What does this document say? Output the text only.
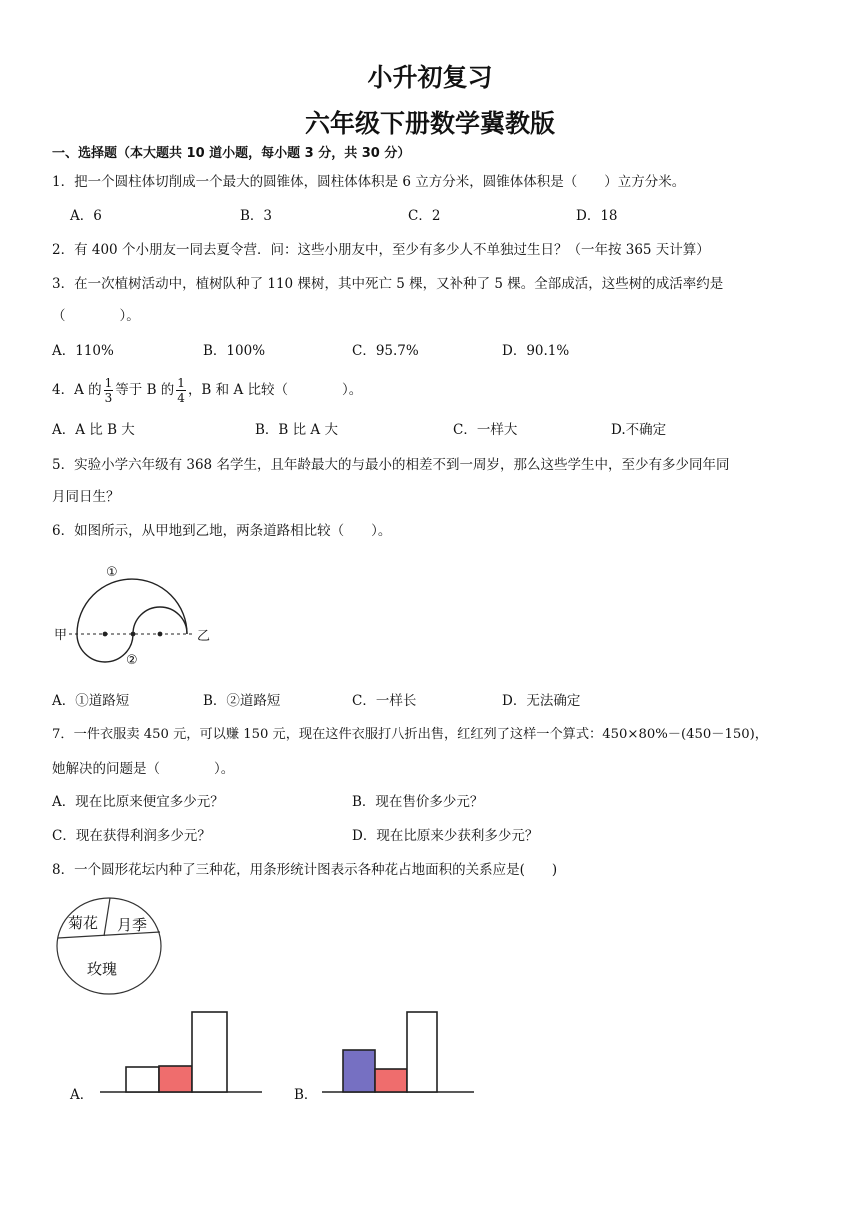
小升初复习
六年级下册数学冀教版
一、选择题（本大题共 10 道小题，每小题 3 分，共 30 分）
1．把一个圆柱体切削成一个最大的圆锥体，圆柱体体积是 6 立方分米，圆锥体体积是（　　）立方分米。
A．6	B．3	C．2	D．18
2．有 400 个小朋友一同去夏令营．问：这些小朋友中，至少有多少人不单独过生日？（一年按 365 天计算）
3．在一次植树活动中，植树队种了 110 棵树，其中死亡 5 棵，又补种了 5 棵。全部成活，这些树的成活率约是
（　　　　）。
A．110%	B．100%	C．95.7%	D．90.1%
4．A 的 $\frac{1}{3}$ 等于 B 的 $\frac{1}{4}$ ，B 和 A 比较（　　　　）。
A．A 比 B 大	B．B 比 A 大	C．一样大	D.不确定
5．实验小学六年级有 368 名学生，且年龄最大的与最小的相差不到一周岁，那么这些学生中，至少有多少同年同
月同日生？
6．如图所示，从甲地到乙地，两条道路相比较（　　）。
甲	乙
①
②
A．①道路短	B．②道路短	C．一样长	D．无法确定
7．一件衣服卖 450 元，可以赚 150 元，现在这件衣服打八折出售，红红列了这样一个算式：450×80%－(450－150)，
她解决的问题是（　　　　）。
A．现在比原来便宜多少元？	B．现在售价多少元？
C．现在获得利润多少元？	D．现在比原来少获利多少元？
8．一个圆形花坛内种了三种花，用条形统计图表示各种花占地面积的关系应是(　　)
菊花 月季
玫瑰
A．	B．
